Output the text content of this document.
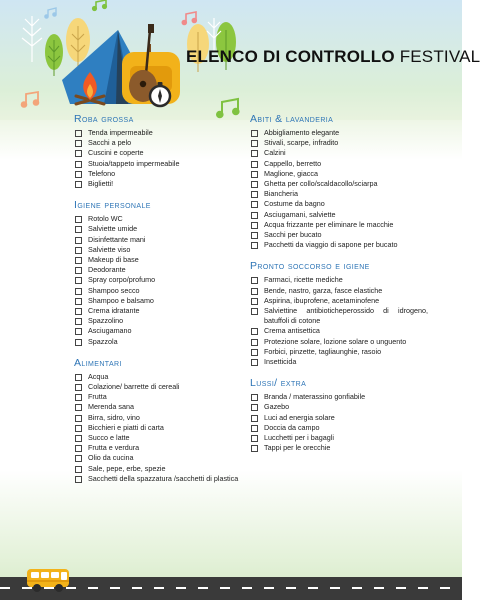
ELENCO DI CONTROLLO FESTIVAL
Roba grossa
Tenda impermeabile
Sacchi a pelo
Cuscini e coperte
Stuoia/tappeto impermeabile
Telefono
Biglietti!
Igiene personale
Rotolo WC
Salviette umide
Disinfettante mani
Salviette viso
Makeup di base
Deodorante
Spray corpo/profumo
Shampoo secco
Shampoo e balsamo
Crema idratante
Spazzolino
Asciugamano
Spazzola
Alimentari
Acqua
Colazione/ barrette di cereali
Frutta
Merenda sana
Birra, sidro, vino
Bicchieri e piatti di carta
Succo e latte
Frutta e verdura
Olio da cucina
Sale, pepe, erbe, spezie
Sacchetti della spazzatura /sacchetti di plastica
Abiti & lavanderia
Abbigliamento elegante
Stivali, scarpe, infradito
Calzini
Cappello, berretto
Maglione, giacca
Ghetta per collo/scaldacollo/sciarpa
Biancheria
Costume da bagno
Asciugamani, salviette
Acqua frizzante per eliminare le macchie
Sacchi per bucato
Pacchetti da viaggio di sapone per bucato
Pronto soccorso e igiene
Farmaci, ricette mediche
Bende, nastro, garza, fasce elastiche
Aspirina, ibuprofene, acetaminofene
Salviettine antibioticheperossido di idrogeno, batuffoli di cotone
Crema antisettica
Protezione solare, lozione solare o unguento
Forbici, pinzette, tagliaunghie, rasoio
Insetticida
Lussi/ extra
Branda / materassino gonfiabile
Gazebo
Luci ad energia solare
Doccia da campo
Lucchetti per i bagagli
Tappi per le orecchie
